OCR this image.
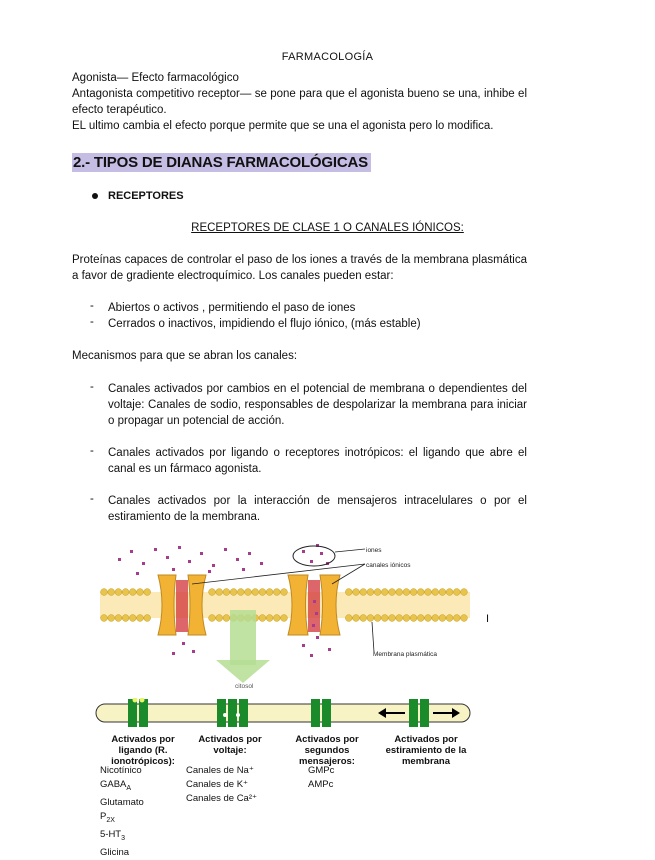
FARMACOLOGÍA
Agonista— Efecto farmacológico
Antagonista competitivo receptor— se pone para que el agonista bueno se una, inhibe el efecto terapéutico.
EL ultimo cambia el efecto porque permite que se una el agonista pero lo modifica.
2.- TIPOS DE DIANAS FARMACOLÓGICAS
RECEPTORES
RECEPTORES DE CLASE 1 O CANALES IÓNICOS:
Proteínas capaces de controlar el paso de los iones a través de la membrana plasmática a favor de gradiente electroquímico. Los canales pueden estar:
- Abiertos o activos , permitiendo el paso de iones
- Cerrados o inactivos, impidiendo el flujo iónico, (más estable)
Mecanismos para que se abran los canales:
- Canales activados por cambios en el potencial de membrana o dependientes del voltaje: Canales de sodio, responsables de despolarizar la membrana para iniciar o propagar un potencial de acción.
- Canales activados por ligando o receptores inotrópicos: el ligando que abre el canal es un fármaco agonista.
- Canales activados por la interacción de mensajeros intracelulares o por el estiramiento de la membrana.
I
iones
canales iónicos
Membrana plasmática
citosol
Activados por ligando (R. ionotrópicos):
Activados por voltaje:
Activados por segundos mensajeros:
Activados por estiramiento de la membrana
Nicotínico
$GABA_A$
Glutamato
$P_{2X}$
$5-HT_3$
Glicina
Canales de Na⁺
Canales de K⁺
Canales de Ca²⁺
GMPc
AMPc
